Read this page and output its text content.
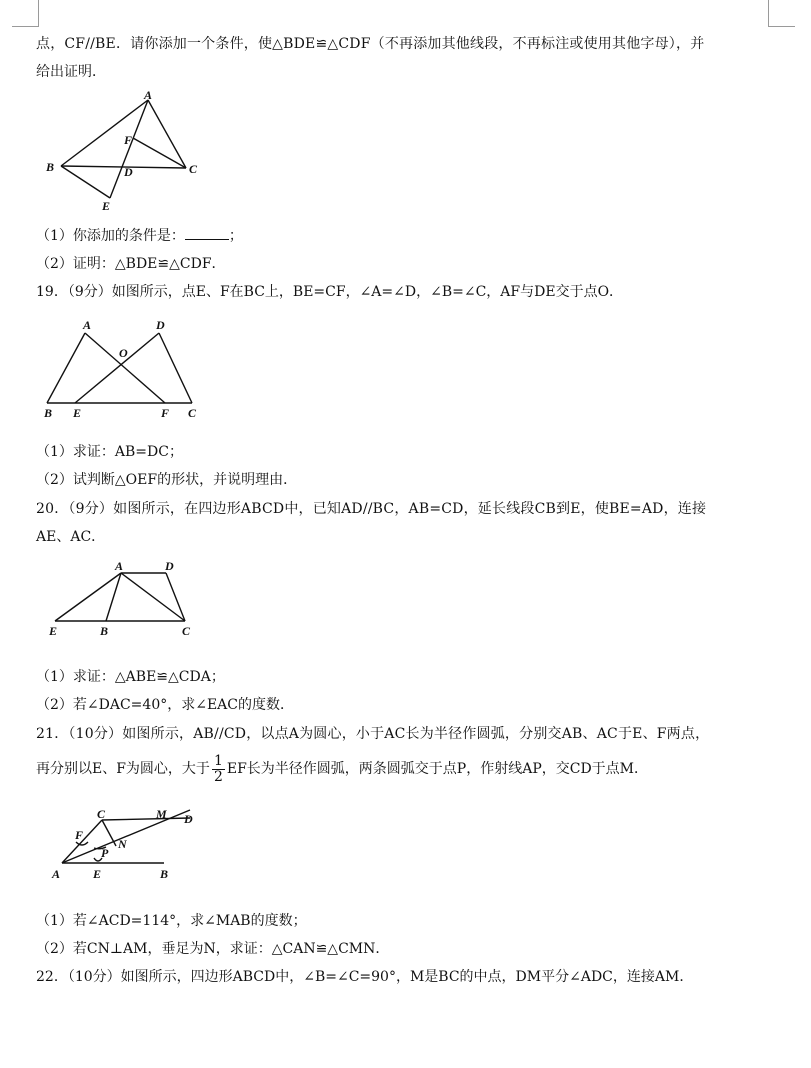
点，CF//BE．请你添加一个条件，使△BDE≌△CDF（不再添加其他线段，不再标注或使用其他字母），并
给出证明．
A
B	C
D
E
F
（1）你添加的条件是：	；
（2）证明：△BDE≌△CDF．
19．（9分）如图所示，点E、F在BC上，BE=CF，∠A=∠D，∠B=∠C，AF与DE交于点O．
A	D
O
B E	F C
（1）求证：AB=DC；
（2）试判断△OEF的形状，并说明理由．
20．（9分）如图所示，在四边形ABCD中，已知AD//BC，AB=CD，延长线段CB到E，使BE=AD，连接
AE、AC．
A	D
E	B	C
（1）求证：△ABE≌△CDA；
（2）若∠DAC=40°，求∠EAC的度数．
21．（10分）如图所示，AB//CD，以点A为圆心，小于AC长为半径作圆弧，分别交AB、AC于E、F两点，
再分别以E、F为圆心，大于 $\frac{1}{2}$ EF长为半径作圆弧，两条圆弧交于点P，作射线AP，交CD于点M．
C	M D
F
N
P
A	E	B
（1）若∠ACD=114°，求∠MAB的度数；
（2）若CN⊥AM，垂足为N，求证：△CAN≌△CMN．
22．（10分）如图所示，四边形ABCD中，∠B=∠C=90°，M是BC的中点，DM平分∠ADC，连接AM．
